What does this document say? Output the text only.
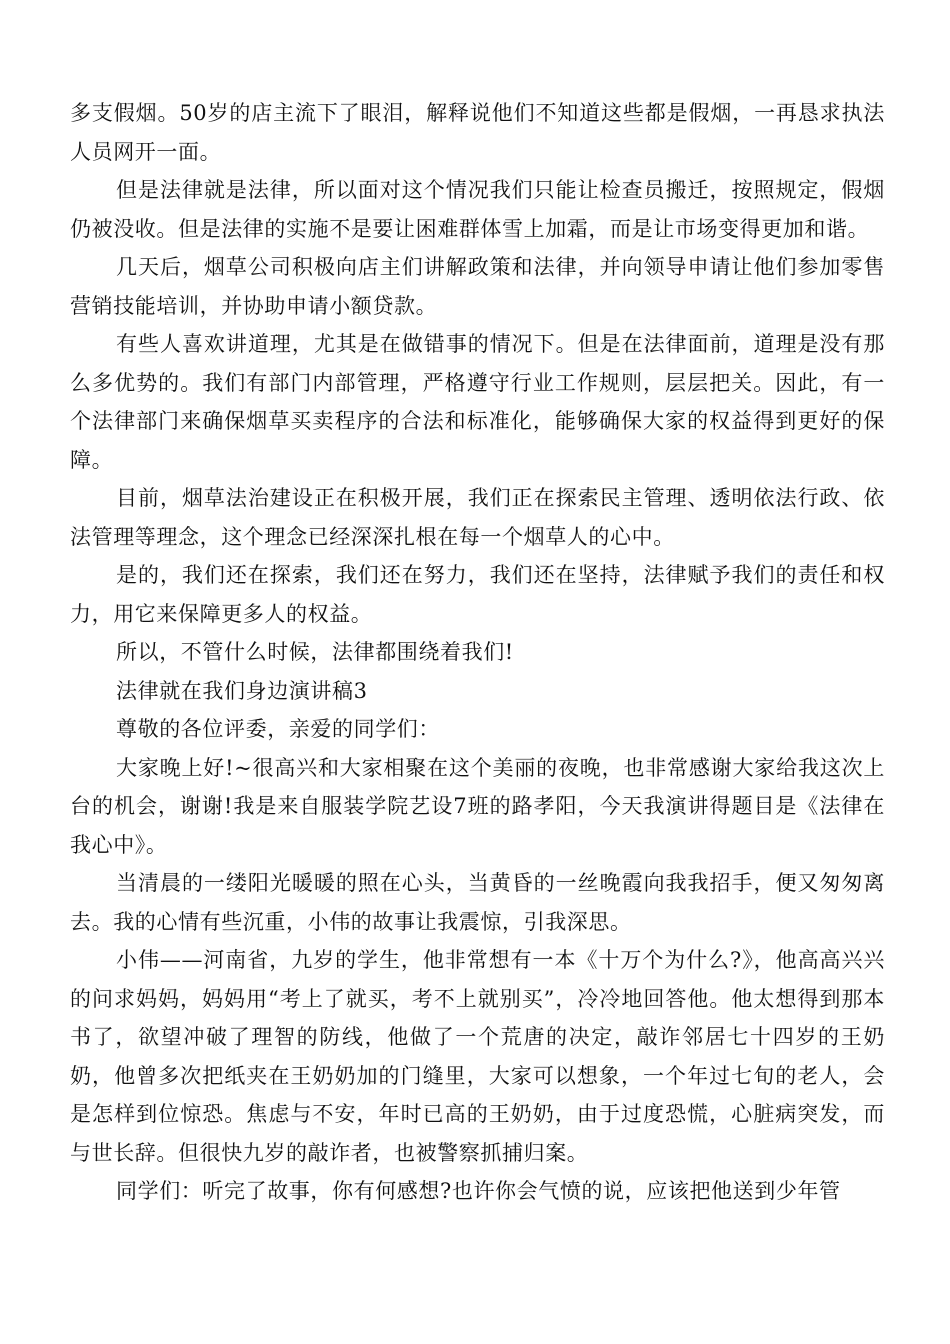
多支假烟。50岁的店主流下了眼泪，解释说他们不知道这些都是假烟，一再恳求执法人员网开一面。

但是法律就是法律，所以面对这个情况我们只能让检查员搬迁，按照规定，假烟仍被没收。但是法律的实施不是要让困难群体雪上加霜，而是让市场变得更加和谐。

几天后，烟草公司积极向店主们讲解政策和法律，并向领导申请让他们参加零售营销技能培训，并协助申请小额贷款。

有些人喜欢讲道理，尤其是在做错事的情况下。但是在法律面前，道理是没有那么多优势的。我们有部门内部管理，严格遵守行业工作规则，层层把关。因此，有一个法律部门来确保烟草买卖程序的合法和标准化，能够确保大家的权益得到更好的保障。

目前，烟草法治建设正在积极开展，我们正在探索民主管理、透明依法行政、依法管理等理念，这个理念已经深深扎根在每一个烟草人的心中。

是的，我们还在探索，我们还在努力，我们还在坚持，法律赋予我们的责任和权力，用它来保障更多人的权益。

所以，不管什么时候，法律都围绕着我们!

法律就在我们身边演讲稿3

尊敬的各位评委，亲爱的同学们：

大家晚上好!~很高兴和大家相聚在这个美丽的夜晚，也非常感谢大家给我这次上台的机会，谢谢!我是来自服装学院艺设7班的路孝阳，今天我演讲得题目是《法律在我心中》。

当清晨的一缕阳光暖暖的照在心头，当黄昏的一丝晚霞向我我招手，便又匆匆离去。我的心情有些沉重，小伟的故事让我震惊，引我深思。

小伟——河南省，九岁的学生，他非常想有一本《十万个为什么?》，他高高兴兴的问求妈妈，妈妈用“考上了就买，考不上就别买”，冷冷地回答他。他太想得到那本书了，欲望冲破了理智的防线，他做了一个荒唐的决定，敲诈邻居七十四岁的王奶奶，他曾多次把纸夹在王奶奶加的门缝里，大家可以想象，一个年过七旬的老人，会是怎样到位惊恐。焦虑与不安，年时已高的王奶奶，由于过度恐慌，心脏病突发，而与世长辞。但很快九岁的敲诈者，也被警察抓捕归案。

同学们：听完了故事，你有何感想?也许你会气愤的说，应该把他送到少年管
